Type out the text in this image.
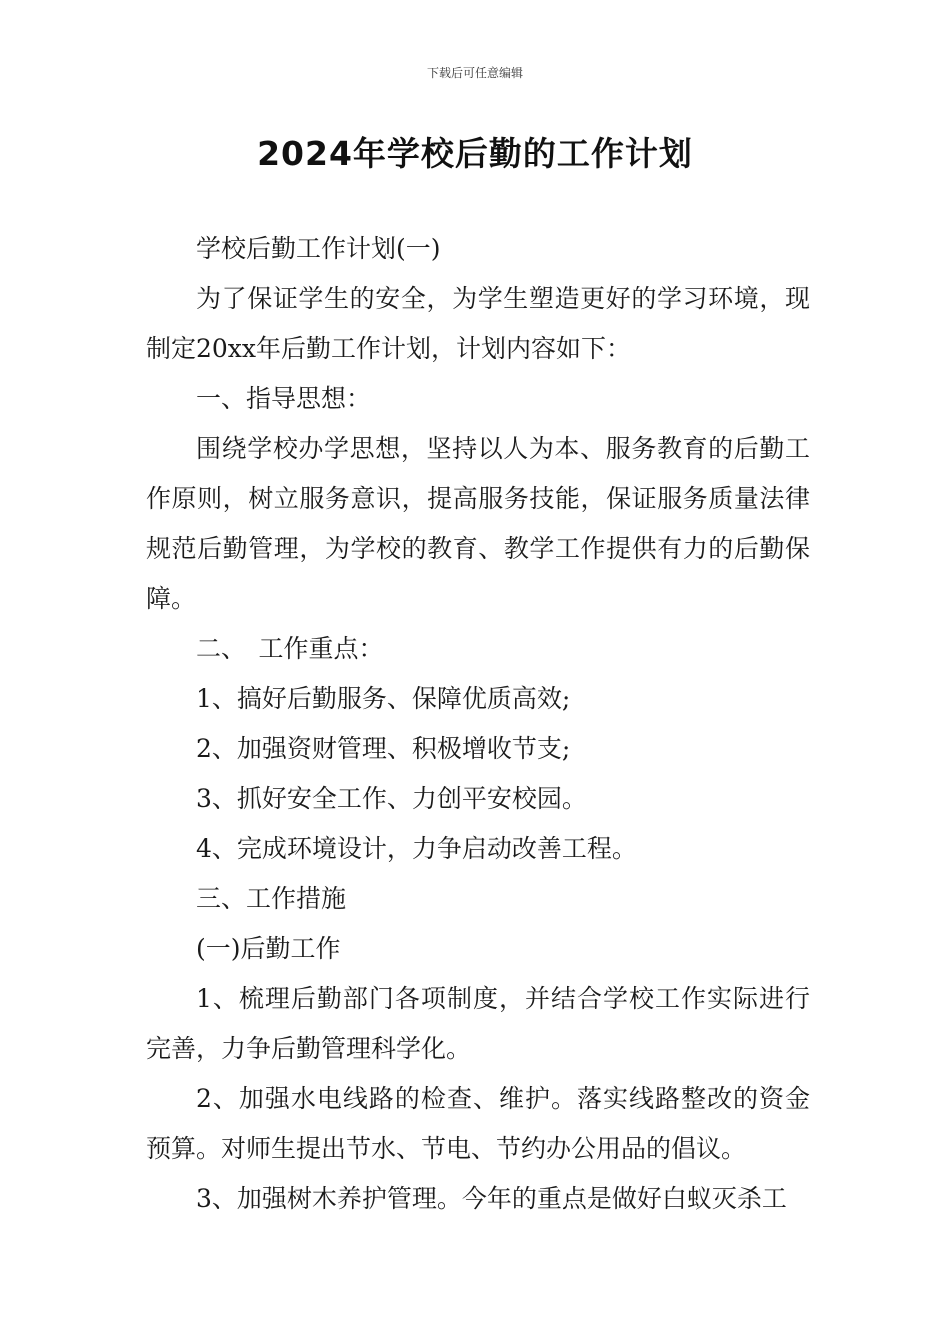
下载后可任意编辑
2024年学校后勤的工作计划

学校后勤工作计划(一)

为了保证学生的安全，为学生塑造更好的学习环境，现制定20xx年后勤工作计划，计划内容如下：

一、指导思想：

围绕学校办学思想，坚持以人为本、服务教育的后勤工作原则，树立服务意识，提高服务技能，保证服务质量法律规范后勤管理，为学校的教育、教学工作提供有力的后勤保障。

二、　工作重点：

1、搞好后勤服务、保障优质高效;

2、加强资财管理、积极增收节支;

3、抓好安全工作、力创平安校园。

4、完成环境设计，力争启动改善工程。

三、工作措施

(一)后勤工作

1、梳理后勤部门各项制度，并结合学校工作实际进行完善，力争后勤管理科学化。

2、加强水电线路的检查、维护。落实线路整改的资金预算。对师生提出节水、节电、节约办公用品的倡议。

3、加强树木养护管理。今年的重点是做好白蚁灭杀工
